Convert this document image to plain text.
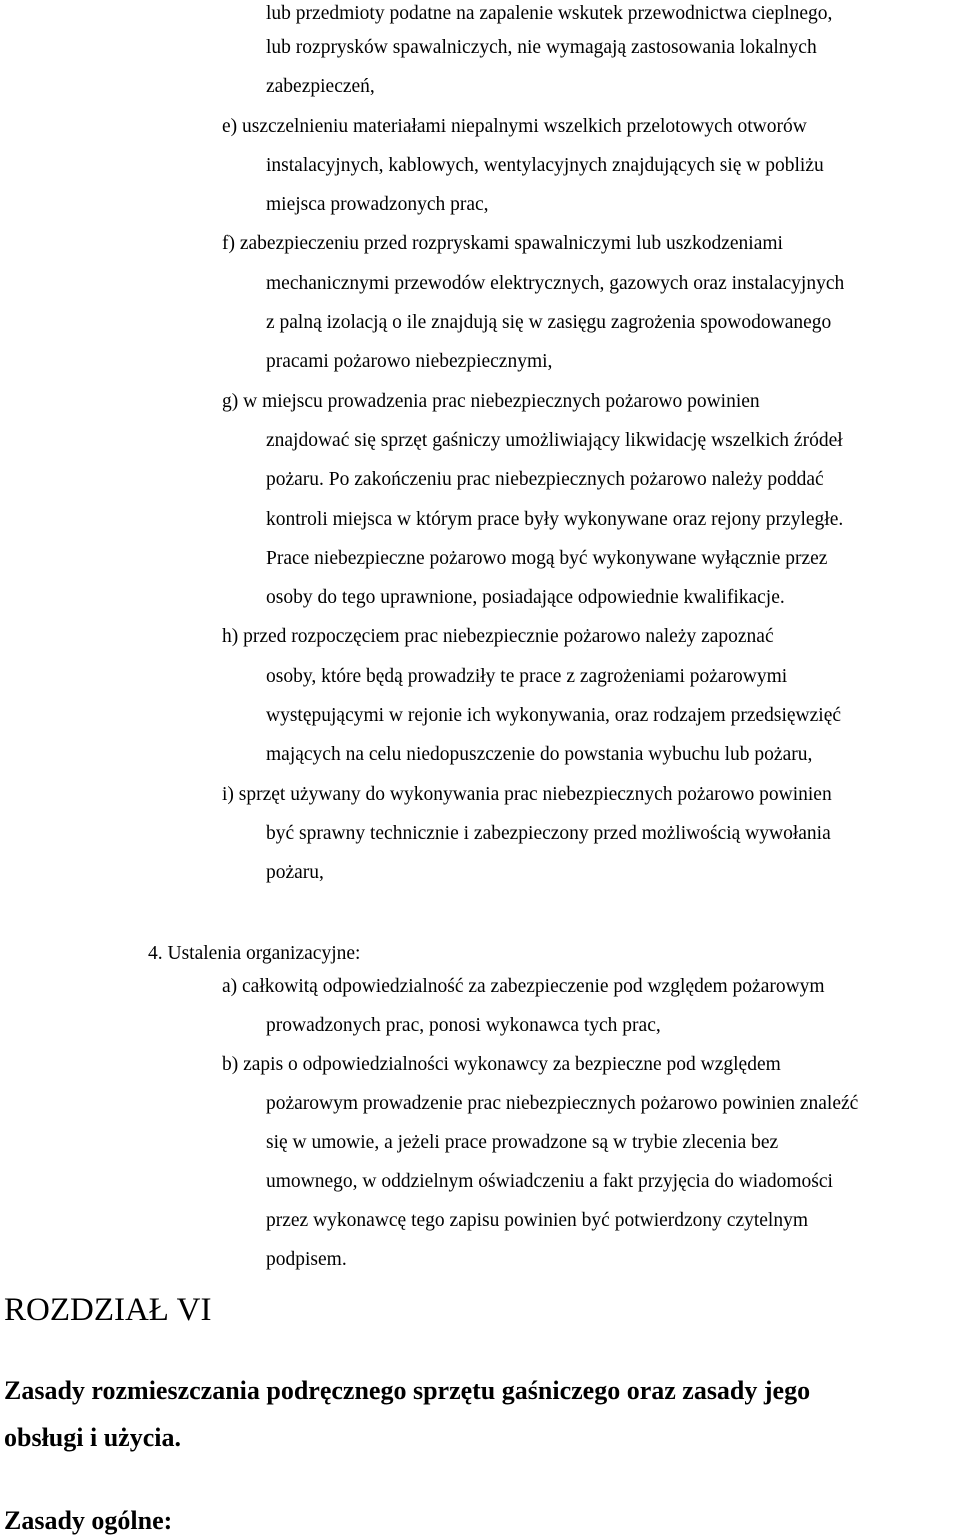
lub przedmioty podatne na zapalenie wskutek przewodnictwa cieplnego,
lub rozprysków spawalniczych, nie wymagają zastosowania lokalnych
zabezpieczeń,
e) uszczelnieniu materiałami niepalnymi wszelkich przelotowych otworów
instalacyjnych, kablowych, wentylacyjnych znajdujących się w pobliżu
miejsca prowadzonych prac,
f) zabezpieczeniu przed rozpryskami spawalniczymi lub uszkodzeniami
mechanicznymi przewodów elektrycznych, gazowych oraz instalacyjnych
z palną izolacją o ile znajdują się w zasięgu zagrożenia spowodowanego
pracami pożarowo niebezpiecznymi,
g) w miejscu prowadzenia prac niebezpiecznych pożarowo powinien
znajdować się sprzęt gaśniczy umożliwiający likwidację wszelkich źródeł
pożaru. Po zakończeniu prac niebezpiecznych pożarowo należy poddać
kontroli miejsca w którym prace były wykonywane oraz rejony przyległe.
Prace niebezpieczne pożarowo mogą być wykonywane wyłącznie przez
osoby do tego uprawnione, posiadające odpowiednie kwalifikacje.
h) przed rozpoczęciem prac niebezpiecznie pożarowo należy zapoznać
osoby, które będą prowadziły te prace z zagrożeniami pożarowymi
występującymi w rejonie ich wykonywania, oraz rodzajem przedsięwzięć
mających na celu niedopuszczenie do powstania wybuchu lub pożaru,
i) sprzęt używany do wykonywania prac niebezpiecznych pożarowo powinien
być sprawny technicznie i zabezpieczony przed możliwością wywołania
pożaru,
4. Ustalenia organizacyjne:
a) całkowitą odpowiedzialność za zabezpieczenie pod względem pożarowym
prowadzonych prac, ponosi wykonawca tych prac,
b) zapis o odpowiedzialności wykonawcy za bezpieczne pod względem
pożarowym prowadzenie prac niebezpiecznych pożarowo powinien znaleźć
się w umowie, a jeżeli prace prowadzone są w trybie zlecenia bez
umownego, w oddzielnym oświadczeniu a fakt przyjęcia do wiadomości
przez wykonawcę tego zapisu powinien być potwierdzony czytelnym
podpisem.
ROZDZIAŁ VI
Zasady rozmieszczania podręcznego sprzętu gaśniczego oraz zasady jego
obsługi i użycia.
Zasady ogólne:
